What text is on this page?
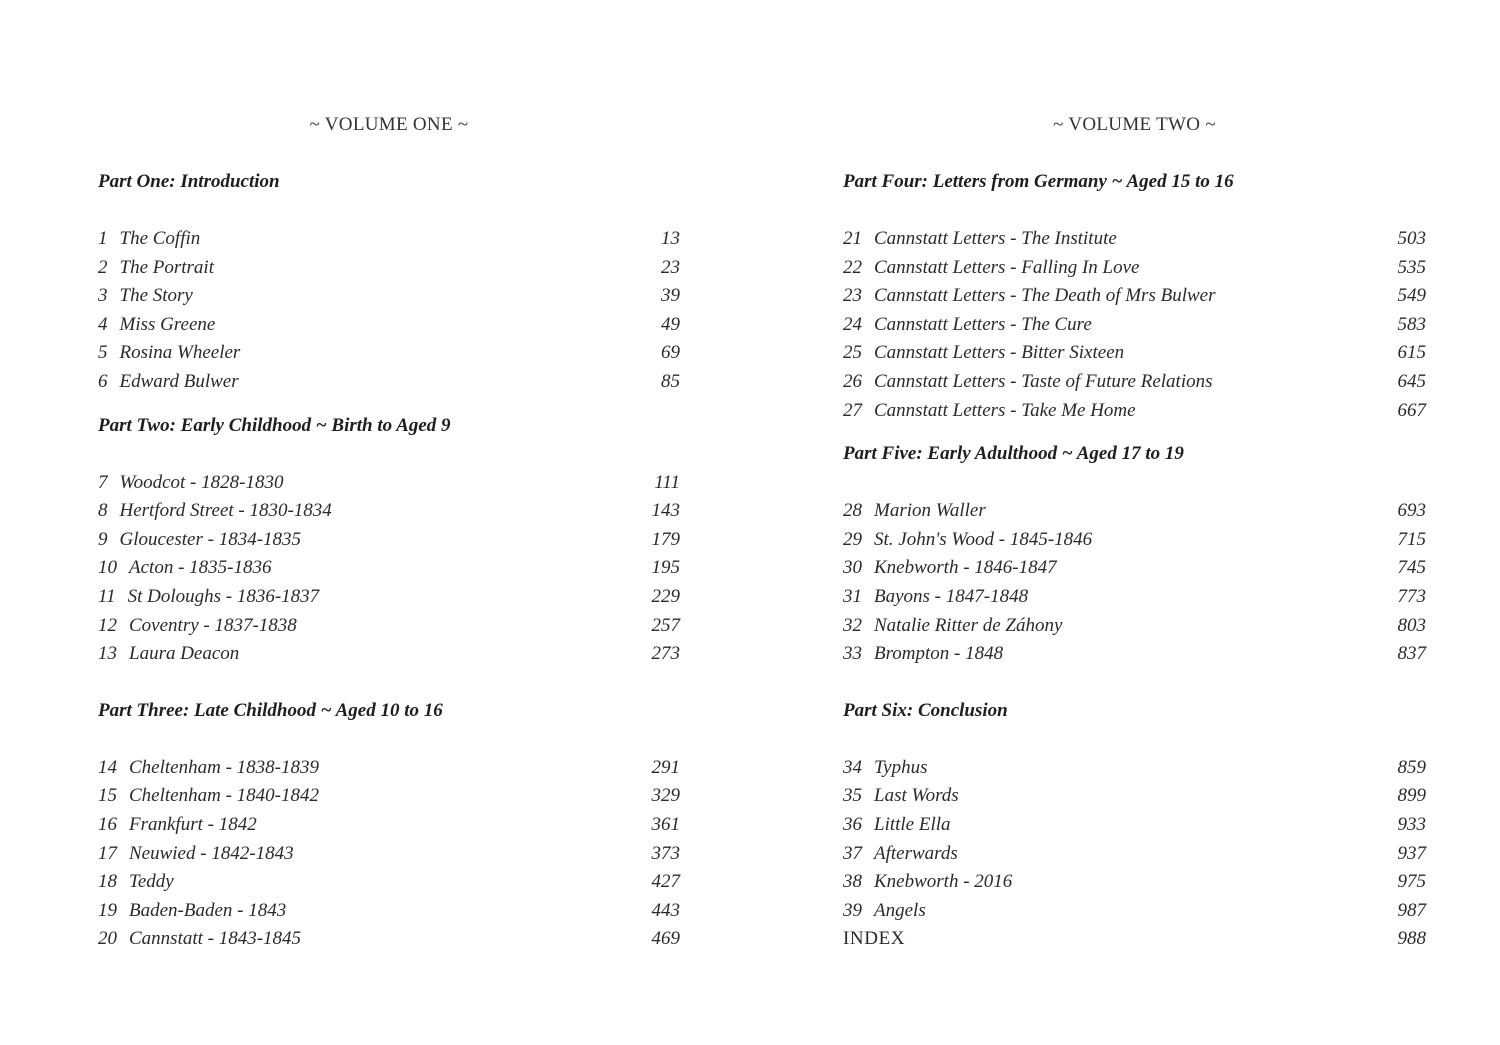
~ VOLUME ONE ~
Part One: Introduction
1 The Coffin	13
2 The Portrait	23
3 The Story	39
4 Miss Greene	49
5 Rosina Wheeler	69
6 Edward Bulwer	85
Part Two: Early Childhood ~ Birth to Aged 9
7 Woodcot - 1828-1830	111
8 Hertford Street - 1830-1834	143
9 Gloucester - 1834-1835	179
10 Acton - 1835-1836	195
11 St Doloughs - 1836-1837	229
12 Coventry - 1837-1838	257
13 Laura Deacon	273
Part Three: Late Childhood ~ Aged 10 to 16
14 Cheltenham - 1838-1839	291
15 Cheltenham - 1840-1842	329
16 Frankfurt - 1842	361
17 Neuwied - 1842-1843	373
18 Teddy	427
19 Baden-Baden - 1843	443
20 Cannstatt - 1843-1845	469
~ VOLUME TWO ~
Part Four: Letters from Germany ~ Aged 15 to 16
21 Cannstatt Letters - The Institute	503
22 Cannstatt Letters - Falling In Love	535
23 Cannstatt Letters - The Death of Mrs Bulwer	549
24 Cannstatt Letters - The Cure	583
25 Cannstatt Letters - Bitter Sixteen	615
26 Cannstatt Letters - Taste of Future Relations	645
27 Cannstatt Letters - Take Me Home	667
Part Five: Early Adulthood ~ Aged 17 to 19
28 Marion Waller	693
29 St. John's Wood - 1845-1846	715
30 Knebworth - 1846-1847	745
31 Bayons - 1847-1848	773
32 Natalie Ritter de Záhony	803
33 Brompton - 1848	837
Part Six: Conclusion
34 Typhus	859
35 Last Words	899
36 Little Ella	933
37 Afterwards	937
38 Knebworth - 2016	975
39 Angels	987
INDEX	988
